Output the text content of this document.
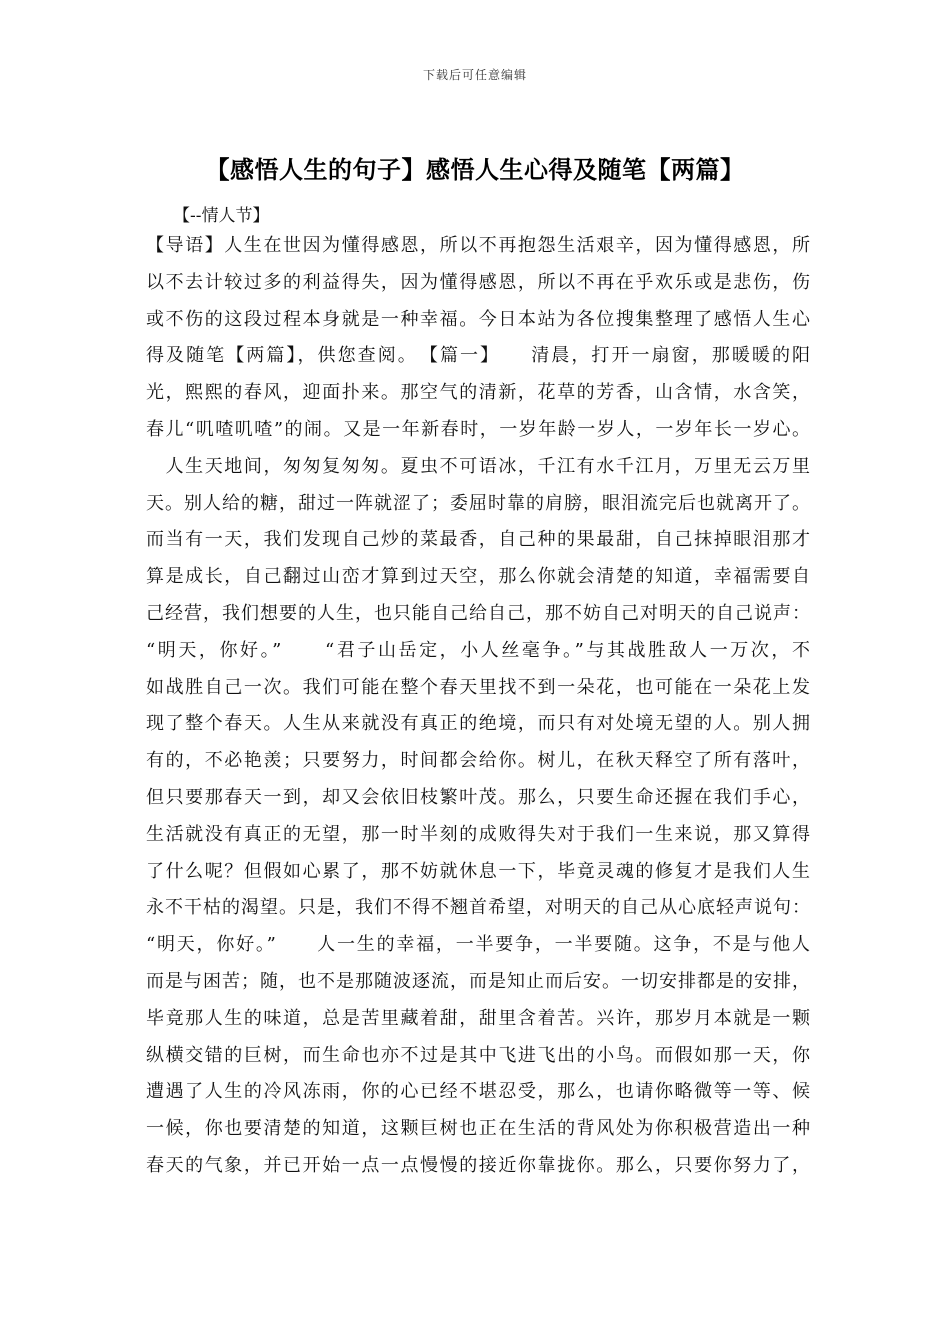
下载后可任意编辑
【感悟人生的句子】感悟人生心得及随笔【两篇】
【--情人节】
【导语】人生在世因为懂得感恩，所以不再抱怨生活艰辛，因为懂得感恩，所
以不去计较过多的利益得失，因为懂得感恩，所以不再在乎欢乐或是悲伤，伤
或不伤的这段过程本身就是一种幸福。今日本站为各位搜集整理了感悟人生心
得及随笔【两篇】，供您查阅。　【篇一】　　清晨，打开一扇窗，那暖暖的阳
光，熙熙的春风，迎面扑来。那空气的清新，花草的芳香，山含情，水含笑，
春儿“叽喳叽喳”的闹。又是一年新春时，一岁年龄一岁人，一岁年长一岁心。
　人生天地间，匆匆复匆匆。夏虫不可语冰，千江有水千江月，万里无云万里
天。别人给的糖，甜过一阵就涩了；委屈时靠的肩膀，眼泪流完后也就离开了。
而当有一天，我们发现自己炒的菜最香，自己种的果最甜，自己抹掉眼泪那才
算是成长，自己翻过山峦才算到过天空，那么你就会清楚的知道，幸福需要自
己经营，我们想要的人生，也只能自己给自己，那不妨自己对明天的自己说声：
“明天，你好。”　　“君子山岳定，小人丝毫争。”与其战胜敌人一万次，不
如战胜自己一次。我们可能在整个春天里找不到一朵花，也可能在一朵花上发
现了整个春天。人生从来就没有真正的绝境，而只有对处境无望的人。别人拥
有的，不必艳羡；只要努力，时间都会给你。树儿，在秋天释空了所有落叶，
但只要那春天一到，却又会依旧枝繁叶茂。那么，只要生命还握在我们手心，
生活就没有真正的无望，那一时半刻的成败得失对于我们一生来说，那又算得
了什么呢？但假如心累了，那不妨就休息一下，毕竟灵魂的修复才是我们人生
永不干枯的渴望。只是，我们不得不翘首希望，对明天的自己从心底轻声说句：
“明天，你好。”　　人一生的幸福，一半要争，一半要随。这争，不是与他人
而是与困苦；随，也不是那随波逐流，而是知止而后安。一切安排都是的安排，
毕竟那人生的味道，总是苦里藏着甜，甜里含着苦。兴许，那岁月本就是一颗
纵横交错的巨树，而生命也亦不过是其中飞进飞出的小鸟。而假如那一天，你
遭遇了人生的冷风冻雨，你的心已经不堪忍受，那么，也请你略微等一等、候
一候，你也要清楚的知道，这颗巨树也正在生活的背风处为你积极营造出一种
春天的气象，并已开始一点一点慢慢的接近你靠拢你。那么，只要你努力了，
